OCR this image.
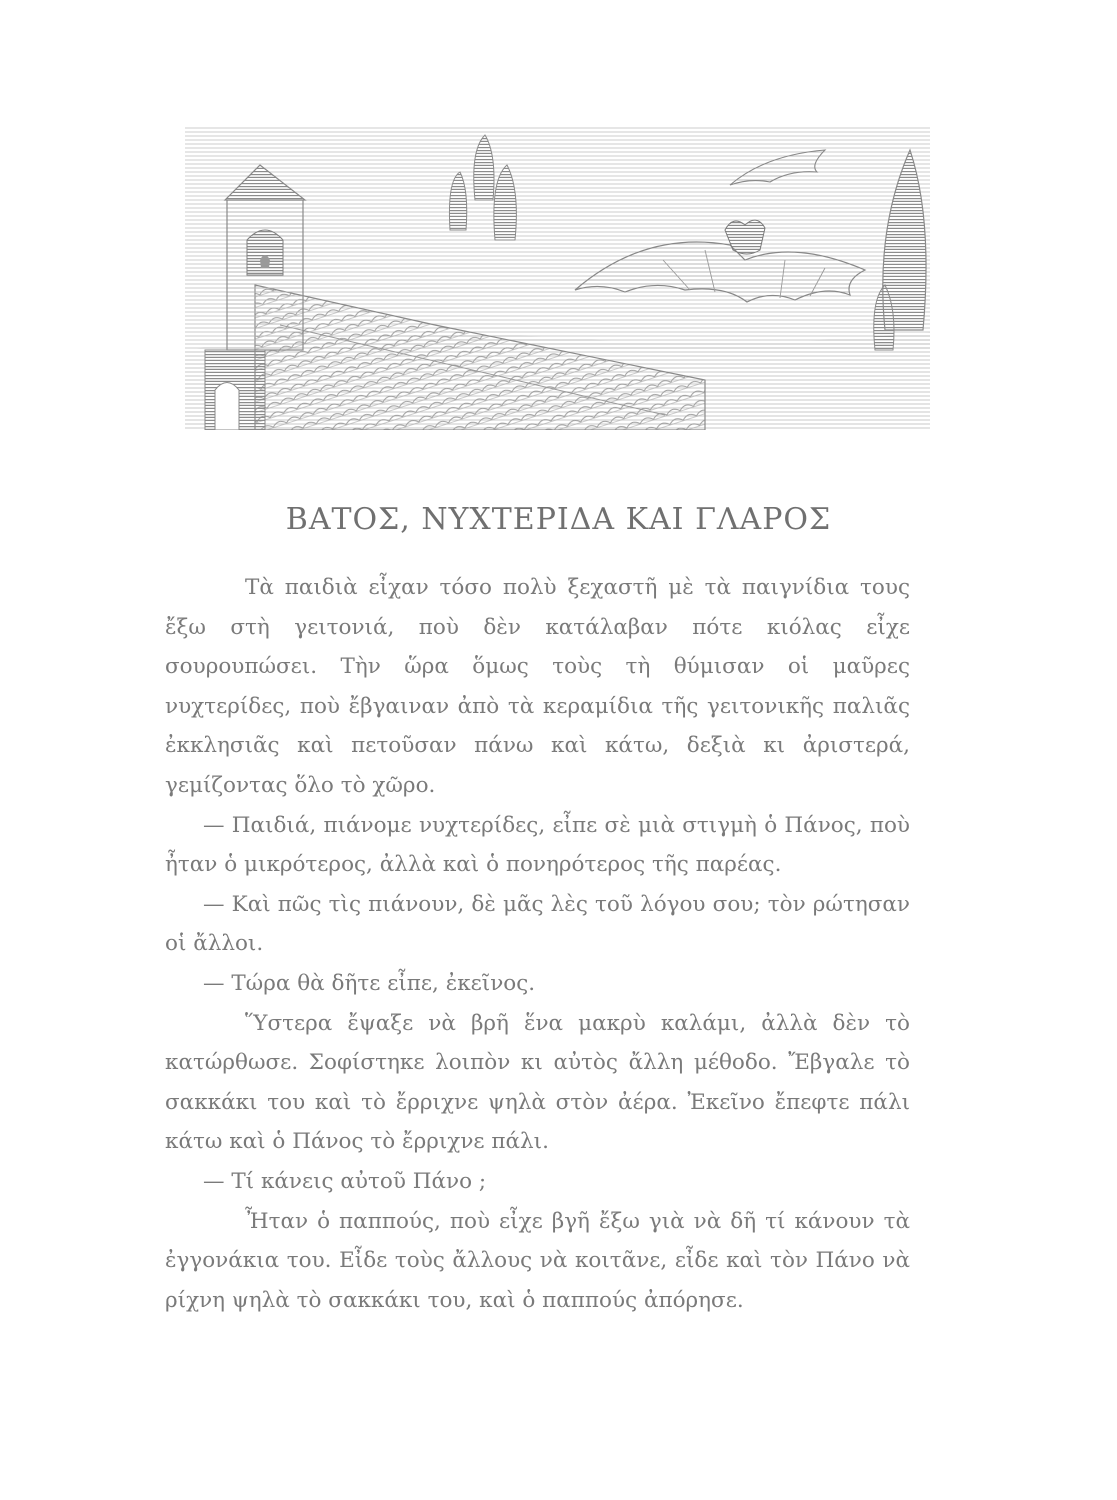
ΒΑΤΟΣ, ΝΥΧΤΕΡΙΔΑ ΚΑΙ ΓΛΑΡΟΣ

Τὰ παιδιὰ εἶχαν τόσο πολὺ ξεχαστῆ μὲ τὰ παιγνίδια τους ἔξω στὴ γειτονιά, ποὺ δὲν κατάλαβαν πότε κιόλας εἶχε σουρουπώσει. Τὴν ὥρα ὅμως τοὺς τὴ θύμισαν οἱ μαῦρες νυχτερίδες, ποὺ ἔβγαιναν ἀπὸ τὰ κεραμίδια τῆς γειτονικῆς παλιᾶς ἐκκλησιᾶς καὶ πετοῦσαν πάνω καὶ κάτω, δεξιὰ κι ἀριστερά, γεμίζοντας ὅλο τὸ χῶρο.

— Παιδιά, πιάνομε νυχτερίδες, εἶπε σὲ μιὰ στιγμὴ ὁ Πάνος, ποὺ ἦταν ὁ μικρότερος, ἀλλὰ καὶ ὁ πονηρότερος τῆς παρέας.

— Καὶ πῶς τὶς πιάνουν, δὲ μᾶς λὲς τοῦ λόγου σου; τὸν ρώτησαν οἱ ἄλλοι.

— Τώρα θὰ δῆτε εἶπε, ἐκεῖνος.

Ὕστερα ἔψαξε νὰ βρῆ ἕνα μακρὺ καλάμι, ἀλλὰ δὲν τὸ κατώρθωσε. Σοφίστηκε λοιπὸν κι αὐτὸς ἄλλη μέθοδο. Ἔβγαλε τὸ σακκάκι του καὶ τὸ ἔρριχνε ψηλὰ στὸν ἀέρα. Ἐκεῖνο ἔπεφτε πάλι κάτω καὶ ὁ Πάνος τὸ ἔρριχνε πάλι.

— Τί κάνεις αὐτοῦ Πάνο ;

Ἦταν ὁ παππούς, ποὺ εἶχε βγῆ ἔξω γιὰ νὰ δῆ τί κάνουν τὰ ἐγγονάκια του. Εἶδε τοὺς ἄλλους νὰ κοιτᾶνε, εἶδε καὶ τὸν Πάνο νὰ ρίχνη ψηλὰ τὸ σακκάκι του, καὶ ὁ παππούς ἀπόρησε.
